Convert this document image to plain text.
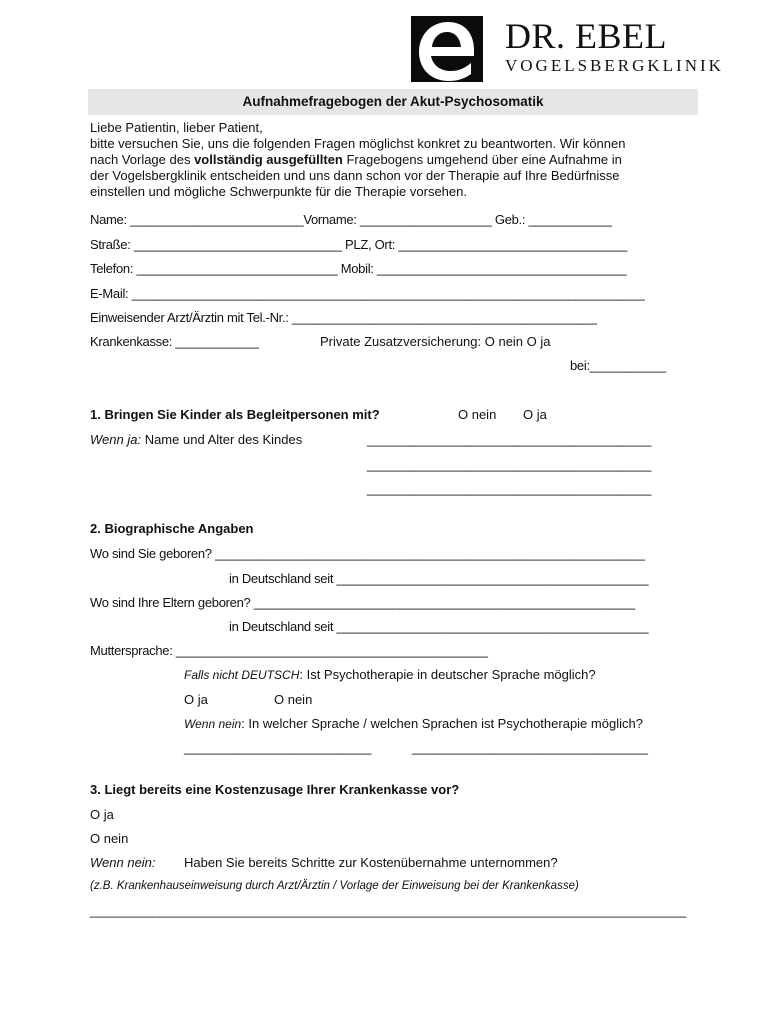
DR. EBEL
VOGELSBERGKLINIK
Aufnahmefragebogen der Akut-Psychosomatik

Liebe Patientin, lieber Patient,

bitte versuchen Sie, uns die folgenden Fragen möglichst konkret zu beantworten. Wir können

nach Vorlage des vollständig ausgefüllten Fragebogens umgehend über eine Aufnahme in

der Vogelsbergklinik entscheiden und uns dann schon vor der Therapie auf Ihre Bedürfnisse

einstellen und mögliche Schwerpunkte für die Therapie vorsehen.

Name: _________________________Vorname: ___________________ Geb.: ____________
Straße: ______________________________ PLZ, Ort: _________________________________
Telefon: _____________________________ Mobil: ____________________________________
E-Mail: __________________________________________________________________________
Einweisender Arzt/Ärztin mit Tel.-Nr.: ____________________________________________
Krankenkasse: ____________	Private Zusatzversicherung: O nein O ja
bei:___________
1. Bringen Sie Kinder als Begleitpersonen mit?	O nein O ja
Wenn ja: Name und Alter des Kindes	_________________________________________
_________________________________________
_________________________________________
2. Biographische Angaben
Wo sind Sie geboren? ______________________________________________________________
in Deutschland seit _____________________________________________
Wo sind Ihre Eltern geboren? _______________________________________________________
in Deutschland seit _____________________________________________
Muttersprache: _____________________________________________
Falls nicht DEUTSCH: Ist Psychotherapie in deutscher Sprache möglich?
O ja	O nein
Wenn nein: In welcher Sprache / welchen Sprachen ist Psychotherapie möglich?
___________________________	__________________________________
3. Liegt bereits eine Kostenzusage Ihrer Krankenkasse vor?
O ja
O nein
Wenn nein: Haben Sie bereits Schritte zur Kostenübernahme unternommen?
(z.B. Krankenhauseinweisung durch Arzt/Ärztin / Vorlage der Einweisung bei der Krankenkasse)
______________________________________________________________________________________
